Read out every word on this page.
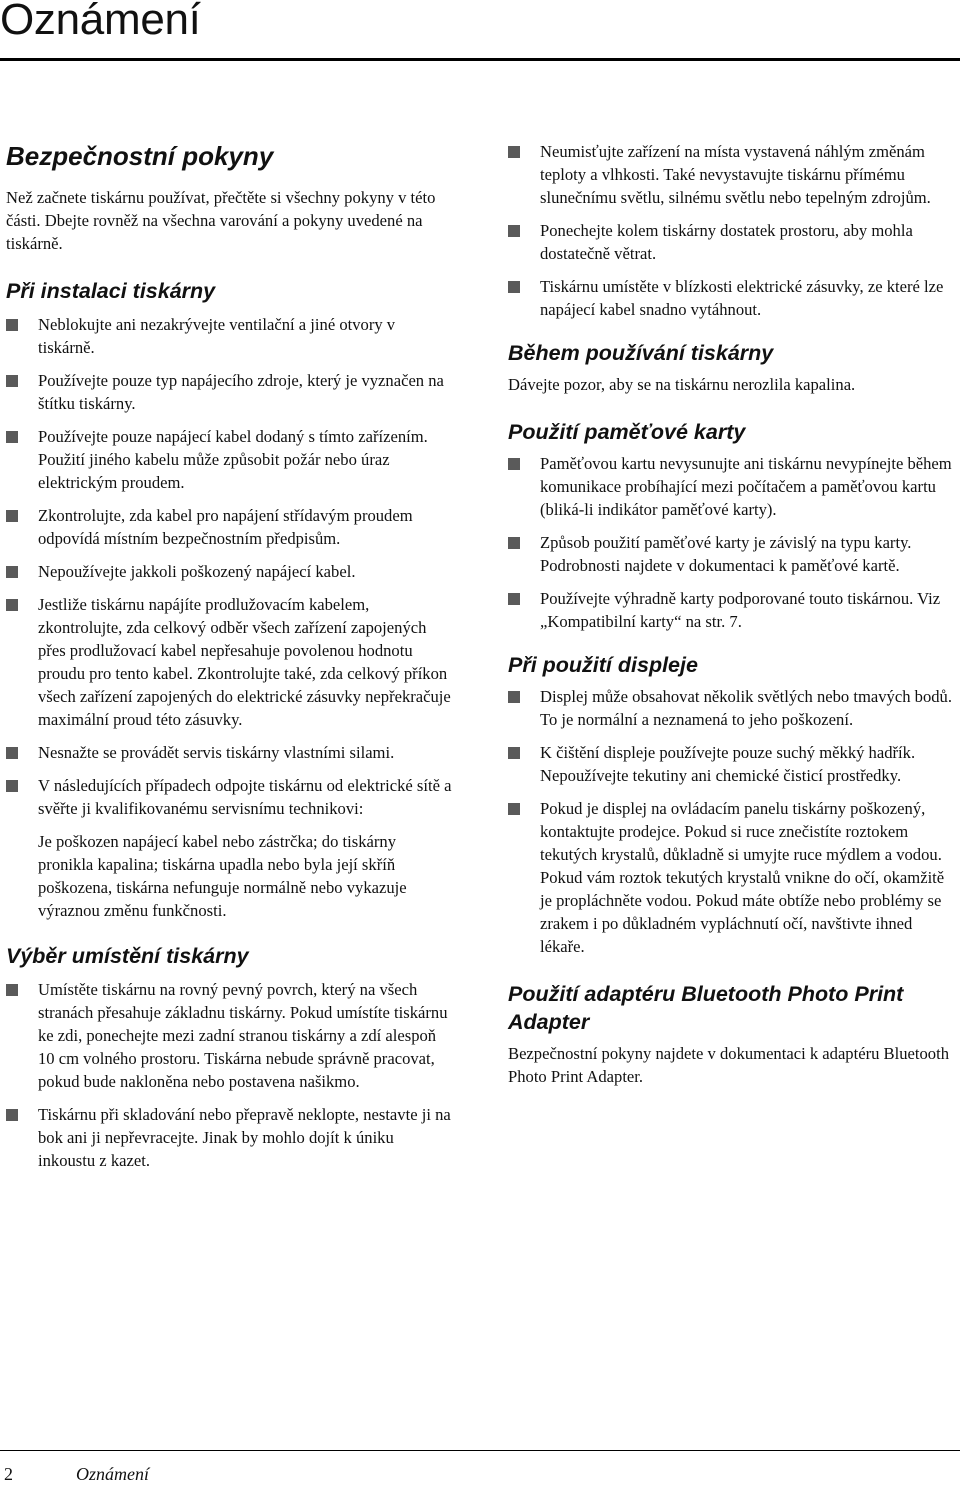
Oznámení
Bezpečnostní pokyny

Než začnete tiskárnu používat, přečtěte si všechny pokyny v této části. Dbejte rovněž na všechna varování a pokyny uvedené na tiskárně.

Při instalaci tiskárny
Neblokujte ani nezakrývejte ventilační a jiné otvory v tiskárně.
Používejte pouze typ napájecího zdroje, který je vyznačen na štítku tiskárny.
Používejte pouze napájecí kabel dodaný s tímto zařízením. Použití jiného kabelu může způsobit požár nebo úraz elektrickým proudem.
Zkontrolujte, zda kabel pro napájení střídavým proudem odpovídá místním bezpečnostním předpisům.
Nepoužívejte jakkoli poškozený napájecí kabel.
Jestliže tiskárnu napájíte prodlužovacím kabelem, zkontrolujte, zda celkový odběr všech zařízení zapojených přes prodlužovací kabel nepřesahuje povolenou hodnotu proudu pro tento kabel. Zkontrolujte také, zda celkový příkon všech zařízení zapojených do elektrické zásuvky nepřekračuje maximální proud této zásuvky.
Nesnažte se provádět servis tiskárny vlastními silami.
V následujících případech odpojte tiskárnu od elektrické sítě a svěřte ji kvalifikovanému servisnímu technikovi:

Je poškozen napájecí kabel nebo zástrčka; do tiskárny pronikla kapalina; tiskárna upadla nebo byla její skříň poškozena, tiskárna nefunguje normálně nebo vykazuje výraznou změnu funkčnosti.

Výběr umístění tiskárny
Umístěte tiskárnu na rovný pevný povrch, který na všech stranách přesahuje základnu tiskárny. Pokud umístíte tiskárnu ke zdi, ponechejte mezi zadní stranou tiskárny a zdí alespoň 10 cm volného prostoru. Tiskárna nebude správně pracovat, pokud bude nakloněna nebo postavena našikmo.
Tiskárnu při skladování nebo přepravě neklopte, nestavte ji na bok ani ji nepřevracejte. Jinak by mohlo dojít k úniku inkoustu z kazet.
Neumisťujte zařízení na místa vystavená náhlým změnám teploty a vlhkosti. Také nevystavujte tiskárnu přímému slunečnímu světlu, silnému světlu nebo tepelným zdrojům.
Ponechejte kolem tiskárny dostatek prostoru, aby mohla dostatečně větrat.
Tiskárnu umístěte v blízkosti elektrické zásuvky, ze které lze napájecí kabel snadno vytáhnout.
Během používání tiskárny

Dávejte pozor, aby se na tiskárnu nerozlila kapalina.

Použití paměťové karty
Paměťovou kartu nevysunujte ani tiskárnu nevypínejte během komunikace probíhající mezi počítačem a paměťovou kartu (bliká-li indikátor paměťové karty).
Způsob použití paměťové karty je závislý na typu karty. Podrobnosti najdete v dokumentaci k paměťové kartě.
Používejte výhradně karty podporované touto tiskárnou. Viz „Kompatibilní karty“ na str. 7.
Při použití displeje
Displej může obsahovat několik světlých nebo tmavých bodů. To je normální a neznamená to jeho poškození.
K čištění displeje používejte pouze suchý měkký hadřík. Nepoužívejte tekutiny ani chemické čisticí prostředky.
Pokud je displej na ovládacím panelu tiskárny poškozený, kontaktujte prodejce. Pokud si ruce znečistíte roztokem tekutých krystalů, důkladně si umyjte ruce mýdlem a vodou. Pokud vám roztok tekutých krystalů vnikne do očí, okamžitě je propláchněte vodou. Pokud máte obtíže nebo problémy se zrakem i po důkladném vypláchnutí očí, navštivte ihned lékaře.
Použití adaptéru Bluetooth Photo Print Adapter

Bezpečnostní pokyny najdete v dokumentaci k adaptéru Bluetooth Photo Print Adapter.

2	Oznámení
